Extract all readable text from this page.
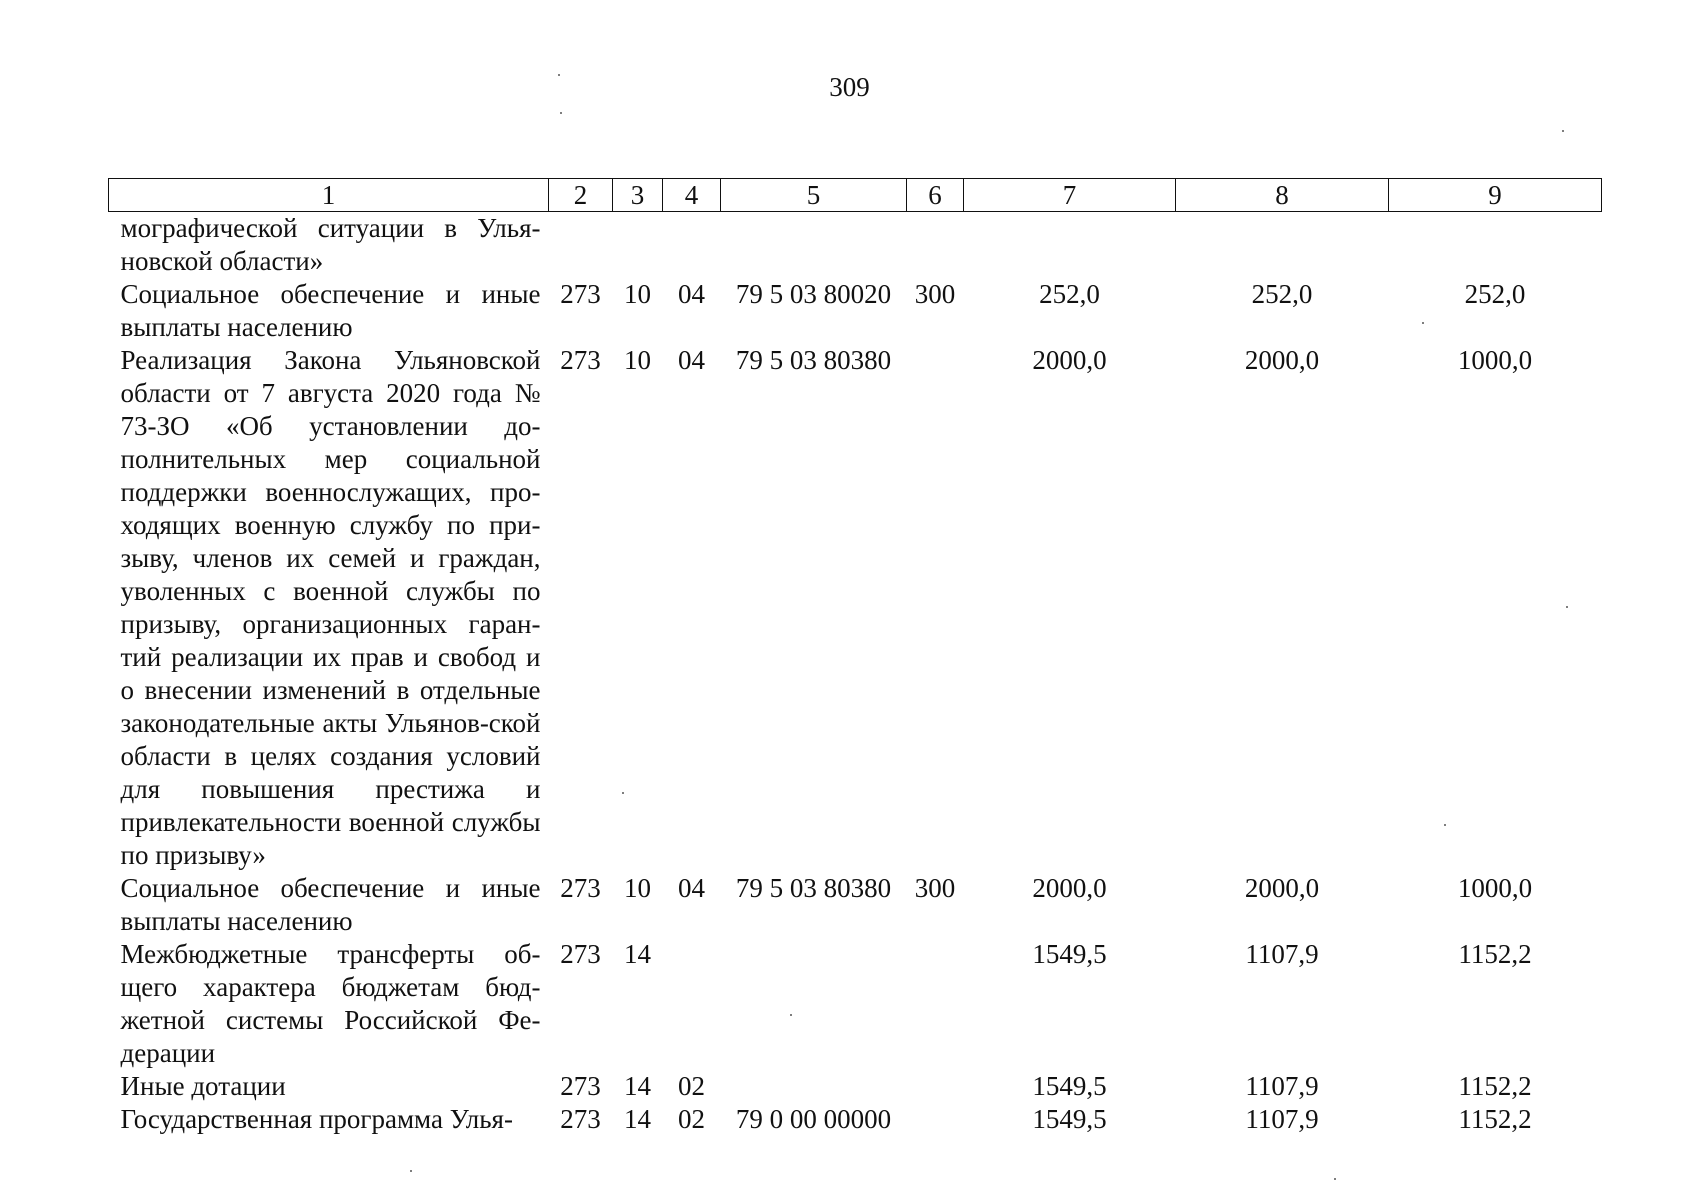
309
1	2	3	4	5	6	7	8	9
мографической ситуации в Улья-новской области»								
Социальное обеспечение и иные выплаты населению	273	10	04	79 5 03 80020	300	252,0	252,0	252,0
Реализация Закона Ульяновской области от 7 августа 2020 года № 73-ЗО «Об установлении до-полнительных мер социальной поддержки военнослужащих, про-ходящих военную службу по при-зыву, членов их семей и граждан, уволенных с военной службы по призыву, организационных гаран-тий реализации их прав и свобод и о внесении изменений в отдельные законодательные акты Ульянов-ской области в целях создания условий для повышения престижа и привлекательности военной службы по призыву»	273	10	04	79 5 03 80380		2000,0	2000,0	1000,0
Социальное обеспечение и иные выплаты населению	273	10	04	79 5 03 80380	300	2000,0	2000,0	1000,0
Межбюджетные трансферты об-щего характера бюджетам бюд-жетной системы Российской Фе-дерации	273	14				1549,5	1107,9	1152,2
Иные дотации	273	14	02			1549,5	1107,9	1152,2
Государственная программа Улья-	273	14	02	79 0 00 00000		1549,5	1107,9	1152,2
